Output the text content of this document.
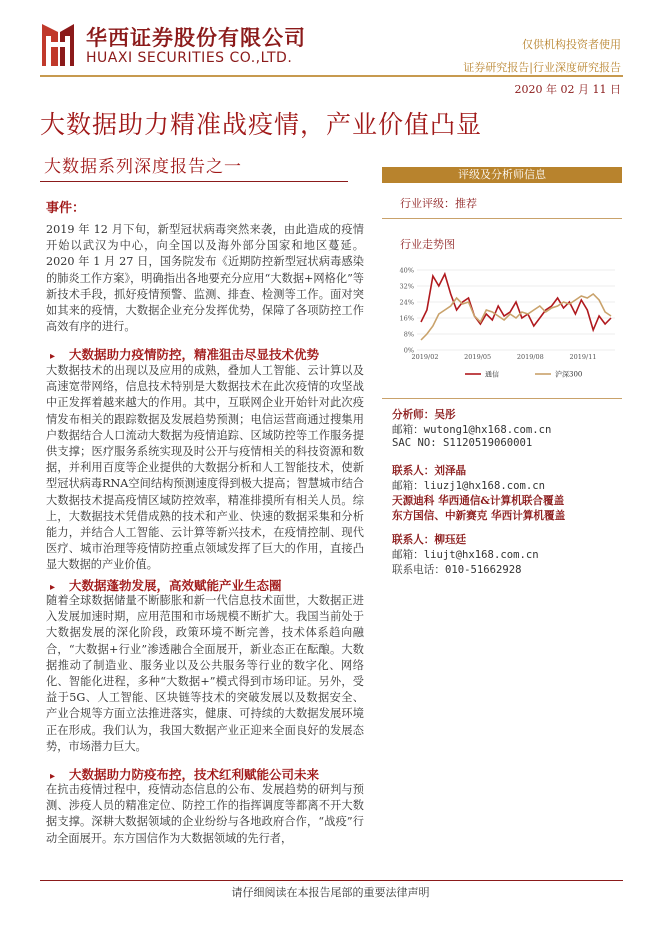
华西证券股份有限公司
HUAXI SECURITIES CO.,LTD.
仅供机构投资者使用
证券研究报告|行业深度研究报告
2020 年 02 月 11 日
大数据助力精准战疫情，产业价值凸显
大数据系列深度报告之一
事件：
2019 年 12 月下旬，新型冠状病毒突然来袭，由此造成的疫情开始以武汉为中心，向全国以及海外部分国家和地区蔓延。2020 年 1 月 27 日，国务院发布《近期防控新型冠状病毒感染的肺炎工作方案》，明确指出各地要充分应用“大数据+网格化”等新技术手段，抓好疫情预警、监测、排查、检测等工作。面对突如其来的疫情，大数据企业充分发挥优势，保障了各项防控工作高效有序的进行。
▸ 大数据助力疫情防控，精准狙击尽显技术优势
大数据技术的出现以及应用的成熟，叠加人工智能、云计算以及高速宽带网络，信息技术特别是大数据技术在此次疫情的攻坚战中正发挥着越来越大的作用。其中，互联网企业开始针对此次疫情发布相关的跟踪数据及发展趋势预测；电信运营商通过搜集用户数据结合人口流动大数据为疫情追踪、区域防控等工作服务提供支撑；医疗服务系统实现及时公开与疫情相关的科技资源和数据，并利用百度等企业提供的大数据分析和人工智能技术，使新型冠状病毒RNA空间结构预测速度得到极大提高；智慧城市结合大数据技术提高疫情区域防控效率，精准排摸所有相关人员。综上，大数据技术凭借成熟的技术和产业、快速的数据采集和分析能力，并结合人工智能、云计算等新兴技术，在疫情控制、现代医疗、城市治理等疫情防控重点领域发挥了巨大的作用，直接凸显大数据的产业价值。
▸ 大数据蓬勃发展，高效赋能产业生态圈
随着全球数据储量不断膨胀和新一代信息技术面世，大数据正进入发展加速时期，应用范围和市场规模不断扩大。我国当前处于大数据发展的深化阶段，政策环境不断完善，技术体系趋向融合，“大数据+行业”渗透融合全面展开，新业态正在酝酿。大数据推动了制造业、服务业以及公共服务等行业的数字化、网络化、智能化进程，多种“大数据+”模式得到市场印证。另外，受益于5G、人工智能、区块链等技术的突破发展以及数据安全、产业合规等方面立法推进落实，健康、可持续的大数据发展环境正在形成。我们认为，我国大数据产业正迎来全面良好的发展态势，市场潜力巨大。
▸ 大数据助力防疫布控，技术红利赋能公司未来
在抗击疫情过程中，疫情动态信息的公布、发展趋势的研判与预测、涉疫人员的精准定位、防控工作的指挥调度等都离不开大数据支撑。深耕大数据领域的企业纷纷与各地政府合作，“战疫”行动全面展开。东方国信作为大数据领域的先行者，
评级及分析师信息
行业评级：推荐
行业走势图
40%
32%
24%
16%
8%
0%
2019/02	2019/05	2019/08	2019/11
通信	沪深300
分析师：吴彤
邮箱：wutong1@hx168.com.cn
SAC NO: S1120519060001
联系人：刘泽晶
邮箱：liuzj1@hx168.com.cn
天源迪科 华西通信&计算机联合覆盖
东方国信、中新赛克 华西计算机覆盖
联系人：柳珏廷
邮箱：liujt@hx168.com.cn
联系电话：010-51662928
请仔细阅读在本报告尾部的重要法律声明
